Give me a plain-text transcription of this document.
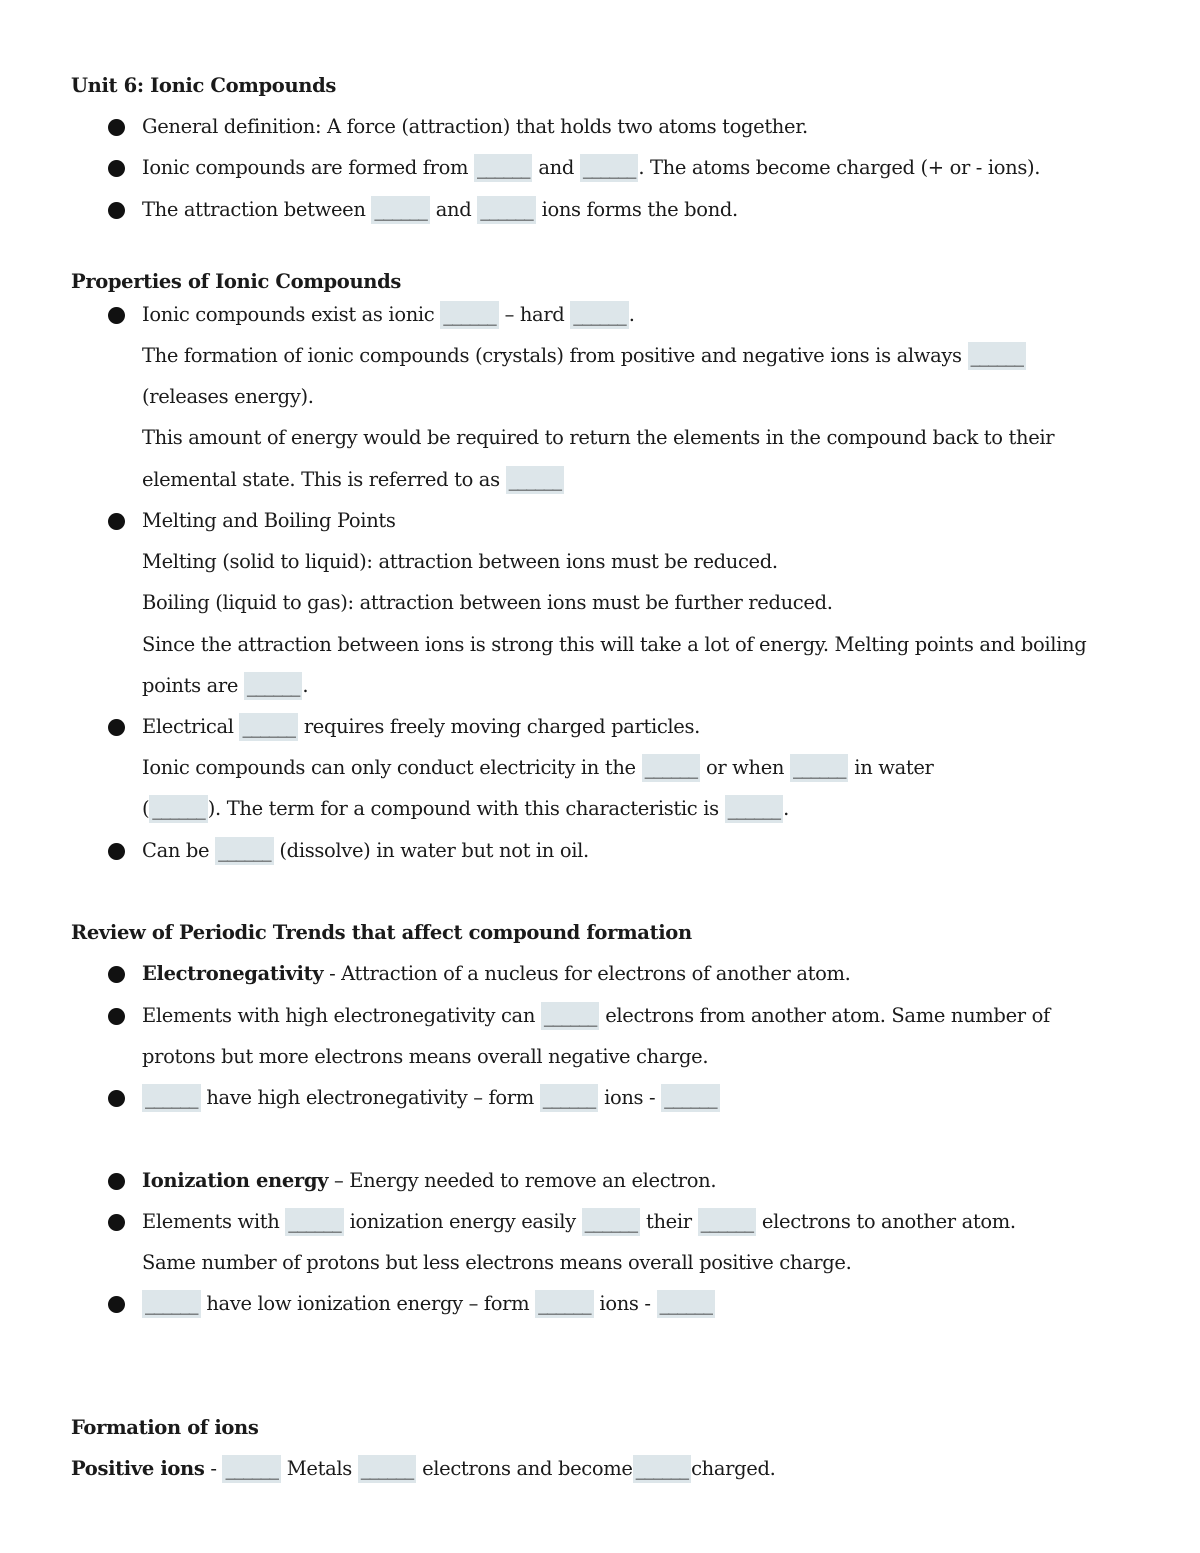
Unit 6: Ionic Compounds
General definition: A force (attraction) that holds two atoms together.
Ionic compounds are formed from ______ and ______ . The atoms become charged (+ or - ions).
The attraction between ______ and ______ ions forms the bond.
Properties of Ionic Compounds
Ionic compounds exist as ionic ______ – hard ______ .
The formation of ionic compounds (crystals) from positive and negative ions is always ______
(releases energy).
This amount of energy would be required to return the elements in the compound back to their
elemental state. This is referred to as ______
Melting and Boiling Points
Melting (solid to liquid): attraction between ions must be reduced.
Boiling (liquid to gas): attraction between ions must be further reduced.
Since the attraction between ions is strong this will take a lot of energy. Melting points and boiling
points are ______ .
Electrical ______ requires freely moving charged particles.
Ionic compounds can only conduct electricity in the ______ or when ______ in water
( ______ ). The term for a compound with this characteristic is ______ .
Can be ______ (dissolve) in water but not in oil.
Review of Periodic Trends that affect compound formation
Electronegativity - Attraction of a nucleus for electrons of another atom.
Elements with high electronegativity can ______ electrons from another atom. Same number of
protons but more electrons means overall negative charge.
______ have high electronegativity – form ______ ions - ______
Ionization energy – Energy needed to remove an electron.
Elements with ______ ionization energy easily ______ their ______ electrons to another atom.
Same number of protons but less electrons means overall positive charge.
______ have low ionization energy – form ______ ions - ______
Formation of ions
Positive ions - ______ Metals ______ electrons and become ______ charged.
